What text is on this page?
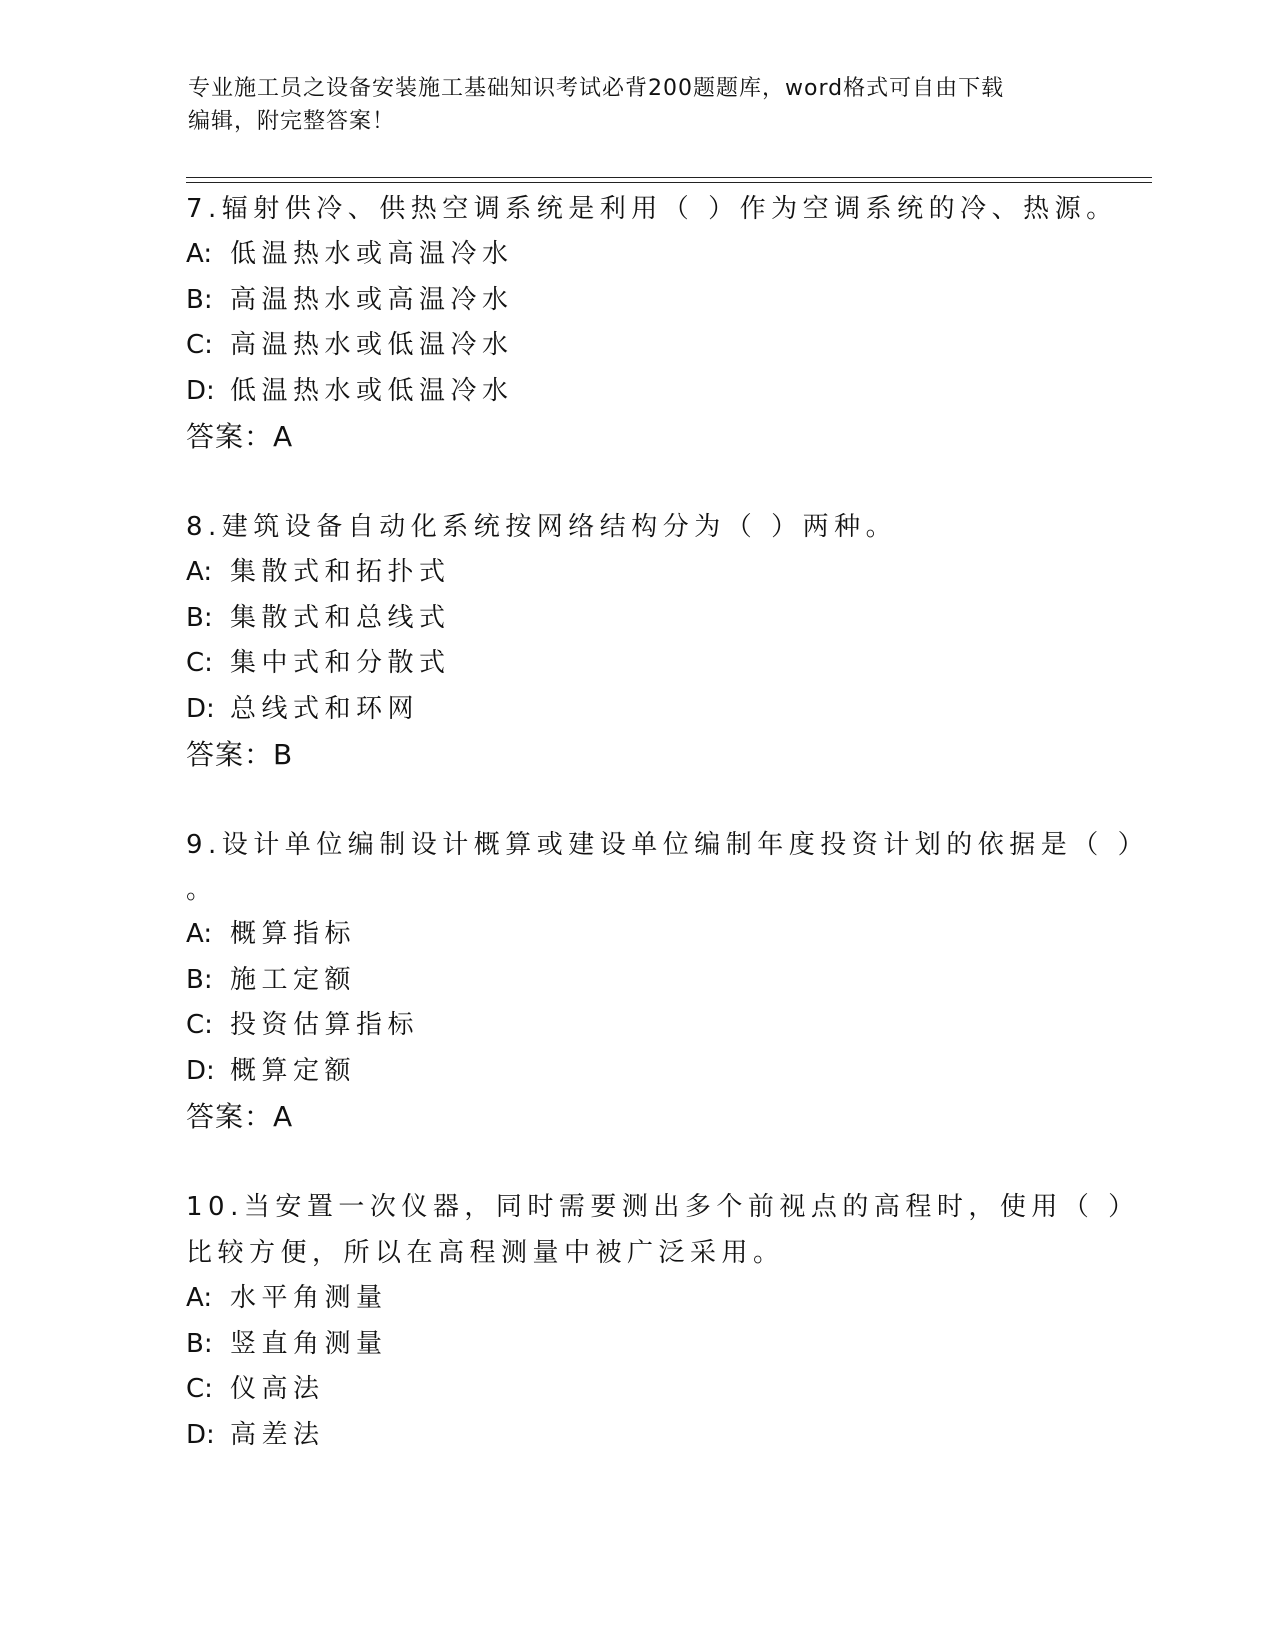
专业施工员之设备安装施工基础知识考试必背200题题库，word格式可自由下载
编辑，附完整答案！
7.辐射供冷、供热空调系统是利用（ ）作为空调系统的冷、热源。
A: 低温热水或高温冷水
B: 高温热水或高温冷水
C: 高温热水或低温冷水
D: 低温热水或低温冷水
答案：A
8.建筑设备自动化系统按网络结构分为（ ）两种。
A: 集散式和拓扑式
B: 集散式和总线式
C: 集中式和分散式
D: 总线式和环网
答案：B
9.设计单位编制设计概算或建设单位编制年度投资计划的依据是（ ）
。
A: 概算指标
B: 施工定额
C: 投资估算指标
D: 概算定额
答案：A
10.当安置一次仪器，同时需要测出多个前视点的高程时，使用（ ）
比较方便，所以在高程测量中被广泛采用。
A: 水平角测量
B: 竖直角测量
C: 仪高法
D: 高差法
